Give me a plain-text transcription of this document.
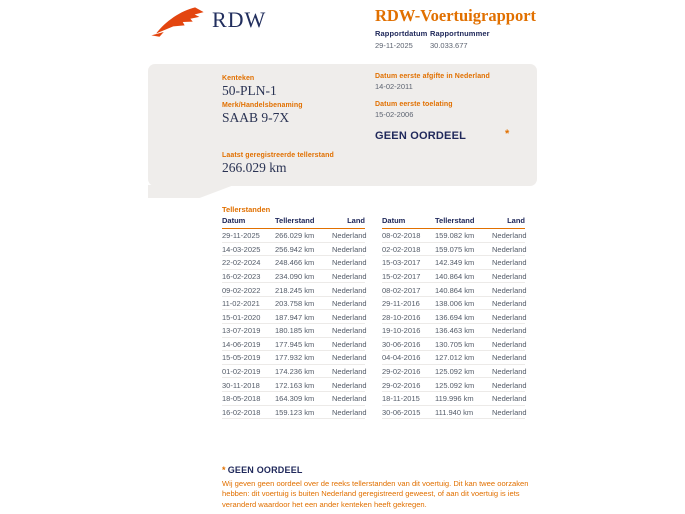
RDW	RDW-Voertuigrapport
Rapportdatum
29-11-2025
Rapportnummer
30.033.677
Kenteken
50-PLN-1
Merk/Handelsbenaming
SAAB 9-7X
Laatst geregistreerde tellerstand
266.029 km
Datum eerste afgifte in Nederland
14-02-2011
Datum eerste toelating
15-02-2006
GEEN OORDEEL	*
Tellerstanden
Datum	Tellerstand	Land
29-11-2025	266.029 km	Nederland
14-03-2025	256.942 km	Nederland
22-02-2024	248.466 km	Nederland
16-02-2023	234.090 km	Nederland
09-02-2022	218.245 km	Nederland
11-02-2021	203.758 km	Nederland
15-01-2020	187.947 km	Nederland
13-07-2019	180.185 km	Nederland
14-06-2019	177.945 km	Nederland
15-05-2019	177.932 km	Nederland
01-02-2019	174.236 km	Nederland
30-11-2018	172.163 km	Nederland
18-05-2018	164.309 km	Nederland
16-02-2018	159.123 km	Nederland
Datum	Tellerstand	Land
08-02-2018	159.082 km	Nederland
02-02-2018	159.075 km	Nederland
15-03-2017	142.349 km	Nederland
15-02-2017	140.864 km	Nederland
08-02-2017	140.864 km	Nederland
29-11-2016	138.006 km	Nederland
28-10-2016	136.694 km	Nederland
19-10-2016	136.463 km	Nederland
30-06-2016	130.705 km	Nederland
04-04-2016	127.012 km	Nederland
29-02-2016	125.092 km	Nederland
29-02-2016	125.092 km	Nederland
18-11-2015	119.996 km	Nederland
30-06-2015	111.940 km	Nederland
* GEEN OORDEEL
Wij geven geen oordeel over de reeks tellerstanden van dit voertuig. Dit kan twee oorzaken hebben: dit voertuig is buiten Nederland geregistreerd geweest, of aan dit voertuig is iets veranderd waardoor het een ander kenteken heeft gekregen.
